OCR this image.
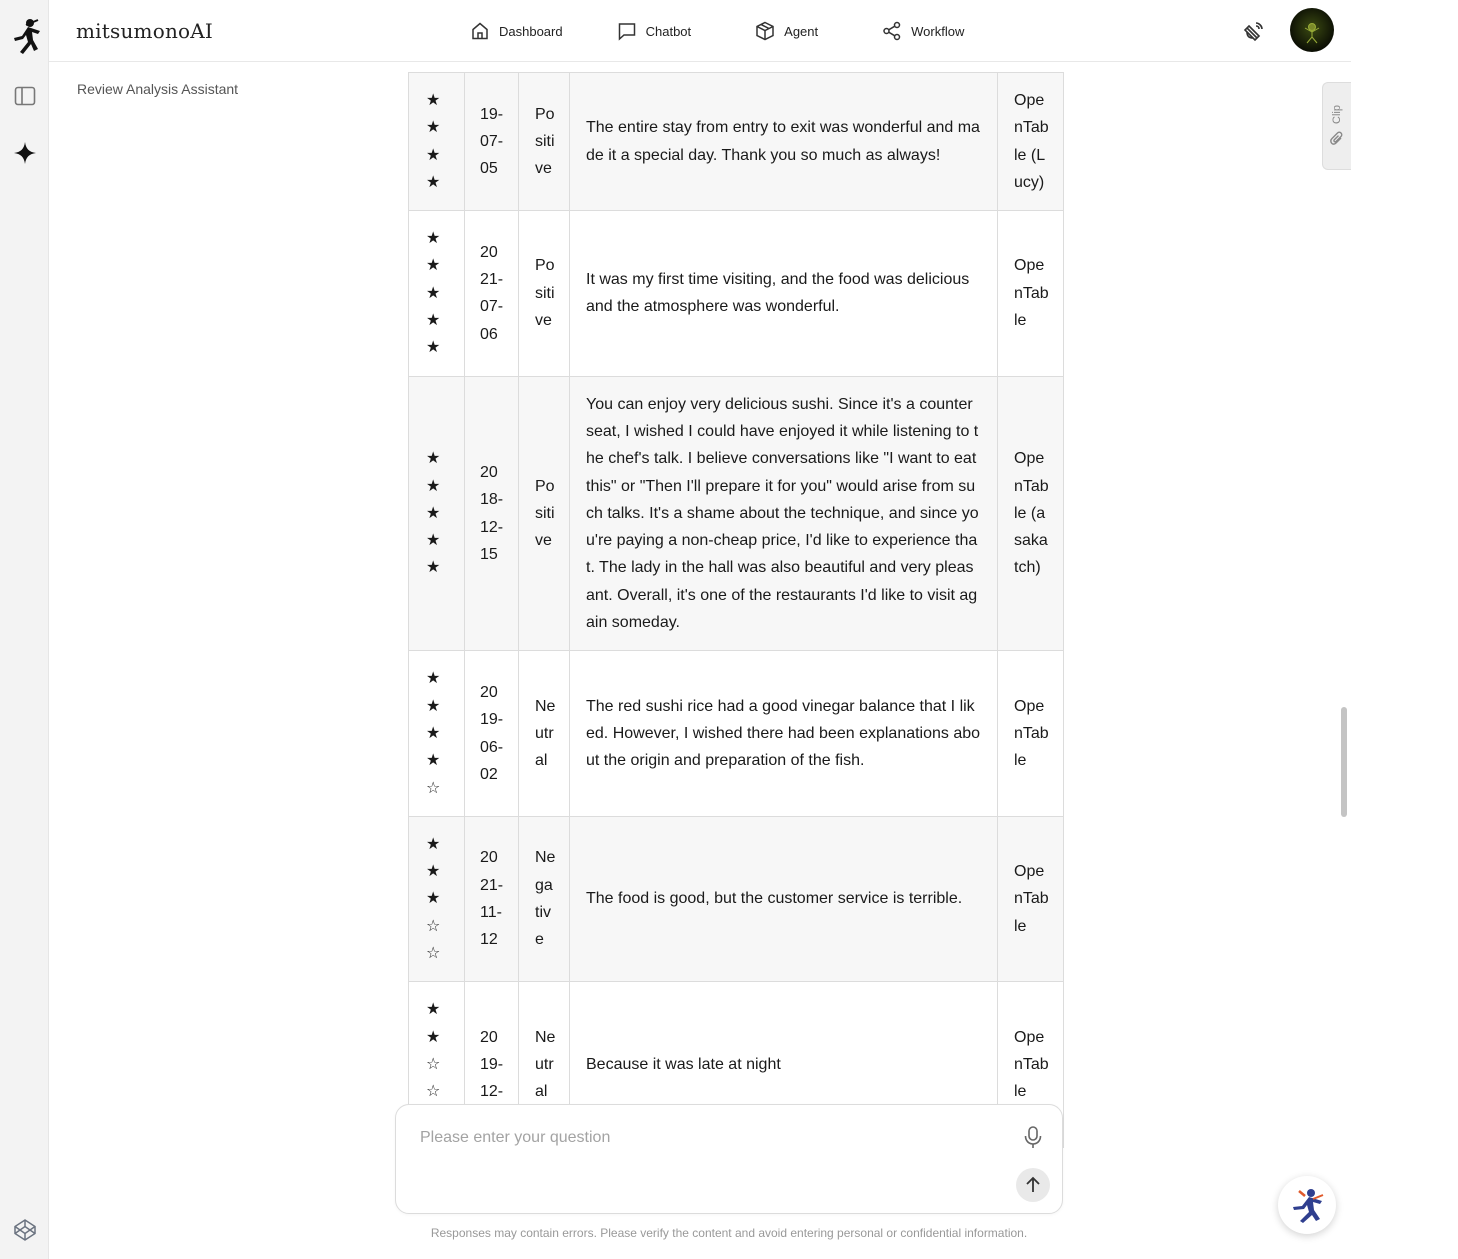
mitsumonoAI	Dashboard	Chatbot	Agent	Workflow
Review Analysis Assistant
Clip
★★★★	19-07-05	Positive	The entire stay from entry to exit was wonderful and made it a special day. Thank you so much as always!	OpenTable (Lucy)

★★★★★	2021-07-06	Positive	It was my first time visiting, and the food was delicious and the atmosphere was wonderful.	OpenTable

★★★★★	2018-12-15	Positive	You can enjoy very delicious sushi. Since it's a counter seat, I wished I could have enjoyed it while listening to the chef's talk. I believe conversations like "I want to eat this" or "Then I'll prepare it for you" would arise from such talks. It's a shame about the technique, and since you're paying a non-cheap price, I'd like to experience that. The lady in the hall was also beautiful and very pleasant. Overall, it's one of the restaurants I'd like to visit again someday.	OpenTable (asakatch)

★★★★☆	2019-06-02	Neutral	The red sushi rice had a good vinegar balance that I liked. However, I wished there had been explanations about the origin and preparation of the fish.	OpenTable

★★★☆☆	2021-11-12	Negative	The food is good, but the customer service is terrible.	OpenTable

★★☆☆	2019-12-	Neutral	Because it was late at night	OpenTable
Please enter your question
Responses may contain errors. Please verify the content and avoid entering personal or confidential information.
